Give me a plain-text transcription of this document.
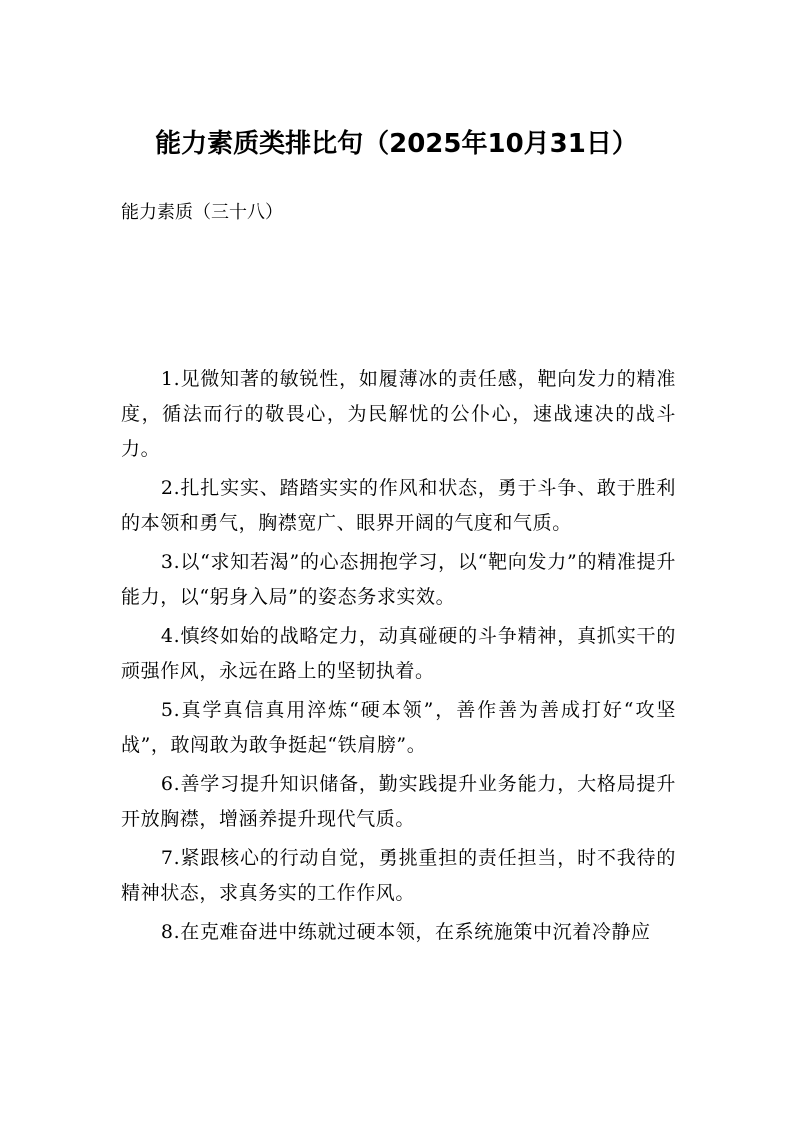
能力素质类排比句（2025年10月31日）
能力素质（三十八）

1.见微知著的敏锐性，如履薄冰的责任感，靶向发力的精准度，循法而行的敬畏心，为民解忧的公仆心，速战速决的战斗力。

2.扎扎实实、踏踏实实的作风和状态，勇于斗争、敢于胜利的本领和勇气，胸襟宽广、眼界开阔的气度和气质。

3.以“求知若渴”的心态拥抱学习，以“靶向发力”的精准提升能力，以“躬身入局”的姿态务求实效。

4.慎终如始的战略定力，动真碰硬的斗争精神，真抓实干的顽强作风，永远在路上的坚韧执着。

5.真学真信真用淬炼“硬本领”，善作善为善成打好“攻坚战”，敢闯敢为敢争挺起“铁肩膀”。

6.善学习提升知识储备，勤实践提升业务能力，大格局提升开放胸襟，增涵养提升现代气质。

7.紧跟核心的行动自觉，勇挑重担的责任担当，时不我待的精神状态，求真务实的工作作风。

8.在克难奋进中练就过硬本领，在系统施策中沉着冷静应
